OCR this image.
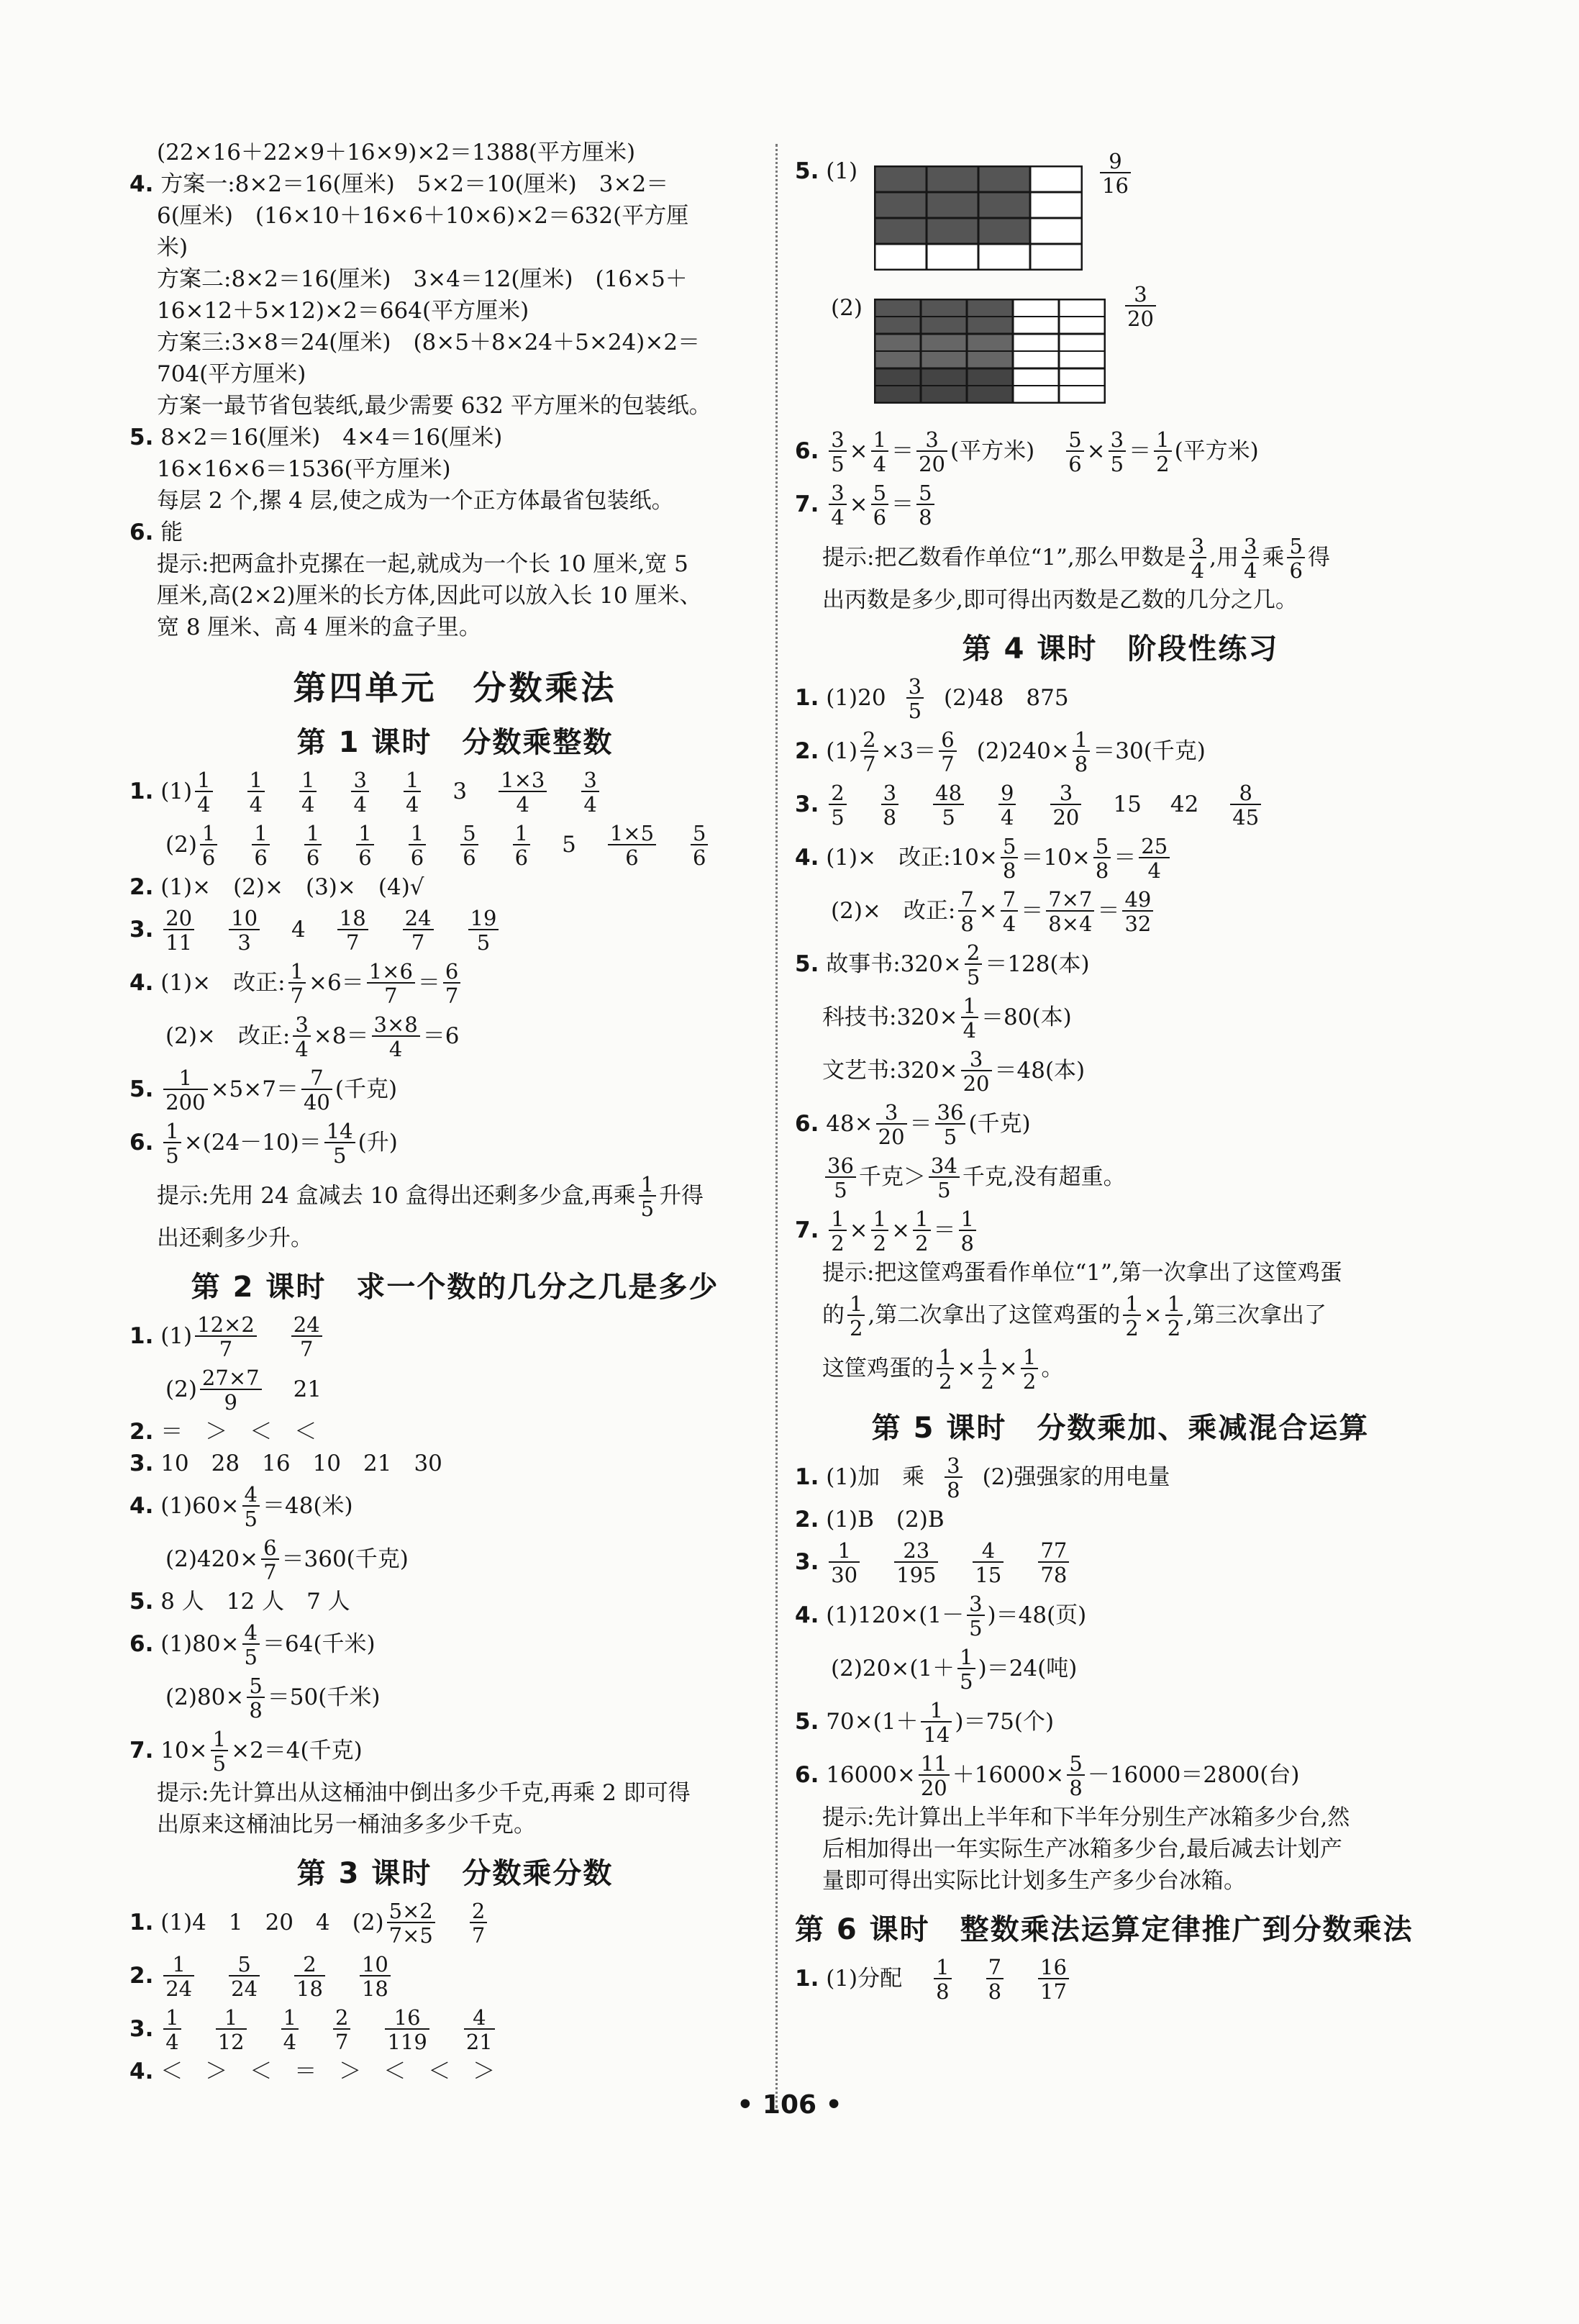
(22×16＋22×9＋16×9)×2＝1388(平方厘米)

4. 方案一:8×2＝16(厘米)　5×2＝10(厘米)　3×2＝

6(厘米)　(16×10＋16×6＋10×6)×2＝632(平方厘

米)

方案二:8×2＝16(厘米)　3×4＝12(厘米)　(16×5＋

16×12＋5×12)×2＝664(平方厘米)

方案三:3×8＝24(厘米)　(8×5＋8×24＋5×24)×2＝

704(平方厘米)

方案一最节省包装纸,最少需要 632 平方厘米的包装纸。

5. 8×2＝16(厘米)　4×4＝16(厘米)

16×16×6＝1536(平方厘米)

每层 2 个,摞 4 层,使之成为一个正方体最省包装纸。

6. 能

提示:把两盒扑克摞在一起,就成为一个长 10 厘米,宽 5

厘米,高(2×2)厘米的长方体,因此可以放入长 10 厘米、

宽 8 厘米、高 4 厘米的盒子里。

第四单元　分数乘法
第 1 课时　分数乘整数

1. $(1) \frac{1}{4} \frac{1}{4} \frac{1}{4} \frac{3}{4} \frac{1}{4} 3 \frac{1\times 3}{4} \frac{3}{4}$

$(2) \frac{1}{6} \frac{1}{6} \frac{1}{6} \frac{1}{6} \frac{1}{6} \frac{5}{6} \frac{1}{6} 5 \frac{1\times 5}{6} \frac{5}{6}$

2. (1)×　(2)×　(3)×　(4)√

3. $\frac{20}{11} \frac{10}{3} 4 \frac{18}{7} \frac{24}{7} \frac{19}{5}$

4. (1)×　改正: $\frac{1}{7} \times 6= \frac{1\times 6}{7} = \frac{6}{7}$

(2)×　改正: $\frac{3}{4} \times 8= \frac{3\times 8}{4} =6$

5. $\frac{1}{200} \times 5\times 7= \frac{7}{40}$ (千克)

6. $\frac{1}{5} \times(24-10)= \frac{14}{5}$ (升)

提示:先用 24 盒减去 10 盒得出还剩多少盒,再乘 $\frac{1}{5}$ 升得

出还剩多少升。

第 2 课时　求一个数的几分之几是多少

1. $(1) \frac{12\times 2}{7} \frac{24}{7}$

$(2) \frac{27\times 7}{9} 21$

2. ＝　＞　＜　＜

3. 10　28　16　10　21　30

4. $(1)60\times \frac{4}{5} =48$(米)

$(2)420\times \frac{6}{7} =360$(千克)

5. 8 人　12 人　7 人

6. $(1)80\times \frac{4}{5} =64$(千米)

$(2)80\times \frac{5}{8} =50$(千米)

7. $10\times \frac{1}{5} \times 2=4$(千克)

提示:先计算出从这桶油中倒出多少千克,再乘 2 即可得

出原来这桶油比另一桶油多多少千克。

第 3 课时　分数乘分数

1. (1)4　1　20　4　$(2) \frac{5\times 2}{7\times 5} \frac{2}{7}$

2. $\frac{1}{24} \frac{5}{24} \frac{2}{18} \frac{10}{18}$

3. $\frac{1}{4} \frac{1}{12} \frac{1}{4} \frac{2}{7} \frac{16}{119} \frac{4}{21}$

4. ＜　＞　＜　＝　＞　＜　＜　＞

5. (1)	$\frac{9}{16}$
(2)	$\frac{3}{20}$

6. $\frac{3}{5} \times \frac{1}{4} = \frac{3}{20}$ (平方米) $\frac{5}{6} \times \frac{3}{5} = \frac{1}{2}$ (平方米)

7. $\frac{3}{4} \times \frac{5}{6} = \frac{5}{8}$

提示:把乙数看作单位“1”,那么甲数是 $\frac{3}{4}$ ,用 $\frac{3}{4}$ 乘 $\frac{5}{6}$ 得

出丙数是多少,即可得出丙数是乙数的几分之几。

第 4 课时　阶段性练习

1. $(1)20 \frac{3}{5} (2)48$　875

2. $(1) \frac{2}{7} \times 3= \frac{6}{7} (2)240\times \frac{1}{8} =30$(千克)

3. $\frac{2}{5} \frac{3}{8} \frac{48}{5} \frac{9}{4} \frac{3}{20} 15$ $42 \frac{8}{45}$

4. (1)×　改正:10× $\frac{5}{8} =10\times \frac{5}{8} = \frac{25}{4}$

(2)×　改正: $\frac{7}{8} \times \frac{7}{4} = \frac{7\times 7}{8\times 4} = \frac{49}{32}$

5. 故事书:320× $\frac{2}{5} =128$(本)

科技书:320× $\frac{1}{4} =80$(本)

文艺书:320× $\frac{3}{20} =48$(本)

6. $48\times \frac{3}{20} = \frac{36}{5}$ (千克)

$\frac{36}{5}$ 千克＞ $\frac{34}{5}$ 千克,没有超重。

7. $\frac{1}{2} \times \frac{1}{2} \times \frac{1}{2} = \frac{1}{8}$

提示:把这筐鸡蛋看作单位“1”,第一次拿出了这筐鸡蛋

的 $\frac{1}{2}$ ,第二次拿出了这筐鸡蛋的 $\frac{1}{2} \times \frac{1}{2}$ ,第三次拿出了

这筐鸡蛋的 $\frac{1}{2} \times \frac{1}{2} \times \frac{1}{2}$ 。

第 5 课时　分数乘加、乘减混合运算

1. (1)加　乘 $\frac{3}{8} (2)$强强家的用电量

2. (1)B　(2)B

3. $\frac{1}{30} \frac{23}{195} \frac{4}{15} \frac{77}{78}$

4. $(1)120\times(1- \frac{3}{5} )=48$(页)

$(2)20\times(1+ \frac{1}{5} )=24$(吨)

5. $70\times(1+ \frac{1}{14} )=75$(个)

6. $16000\times \frac{11}{20} +16000\times \frac{5}{8} -16000=2800$(台)

提示:先计算出上半年和下半年分别生产冰箱多少台,然

后相加得出一年实际生产冰箱多少台,最后减去计划产

量即可得出实际比计划多生产多少台冰箱。

第 6 课时　整数乘法运算定律推广到分数乘法

1. (1)分配 $\frac{1}{8} \frac{7}{8} \frac{16}{17}$

• 106 •
